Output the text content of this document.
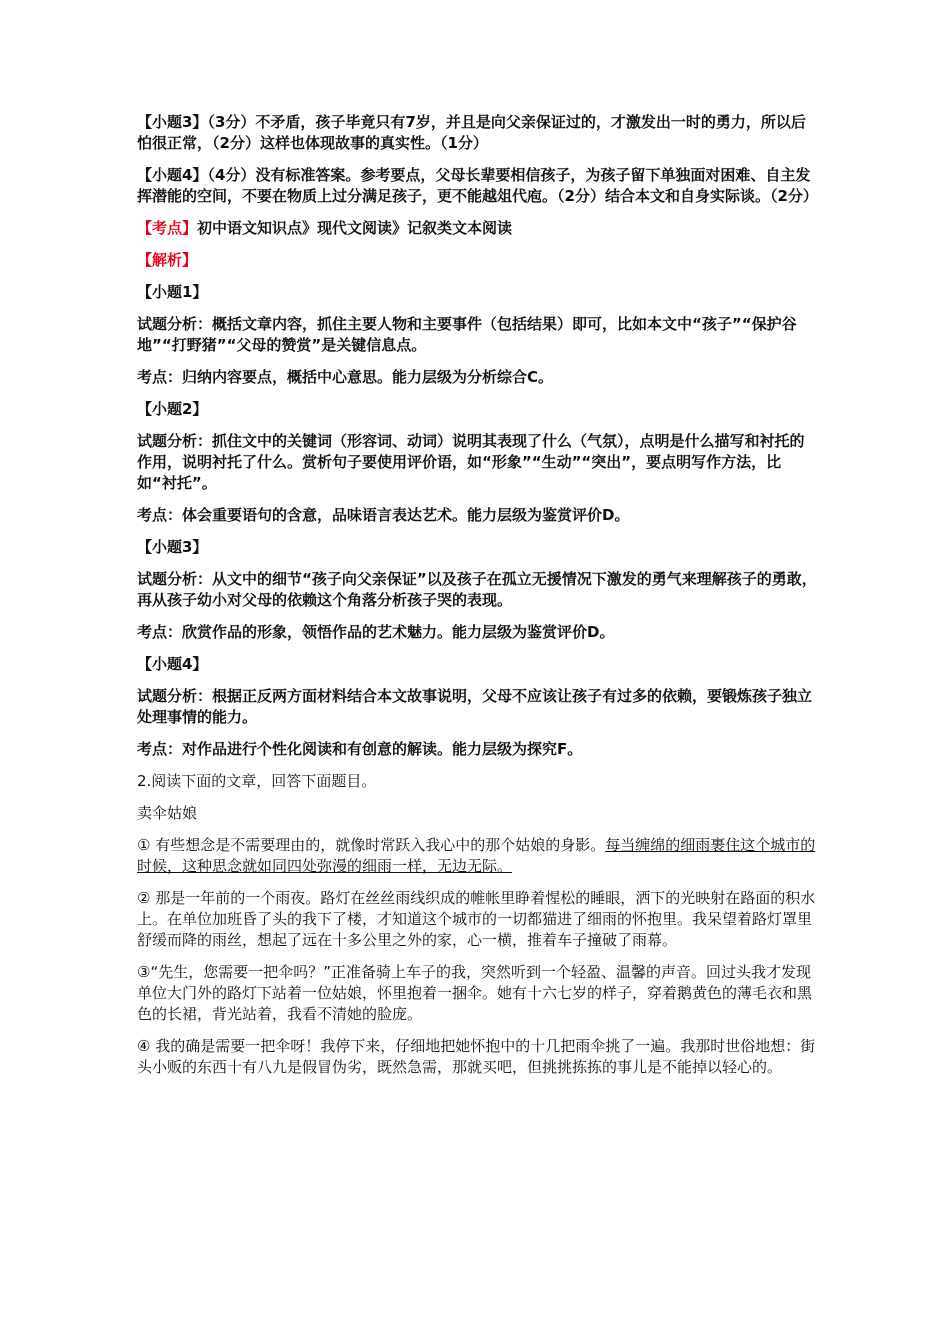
【小题3】（3分）不矛盾，孩子毕竟只有7岁，并且是向父亲保证过的，才激发出一时的勇力，所以后怕很正常，（2分）这样也体现故事的真实性。（1分）

【小题4】（4分）没有标准答案。参考要点，父母长辈要相信孩子，为孩子留下单独面对困难、自主发挥潜能的空间，不要在物质上过分满足孩子，更不能越俎代庖。（2分）结合本文和自身实际谈。（2分）

【考点】初中语文知识点》现代文阅读》记叙类文本阅读

【解析】

【小题1】

试题分析：概括文章内容，抓住主要人物和主要事件（包括结果）即可，比如本文中“孩子”“保护谷地”“打野猪”“父母的赞赏”是关键信息点。

考点：归纳内容要点，概括中心意思。能力层级为分析综合C。

【小题2】

试题分析：抓住文中的关键词（形容词、动词）说明其表现了什么（气氛），点明是什么描写和衬托的作用，说明衬托了什么。赏析句子要使用评价语，如“形象”“生动”“突出”，要点明写作方法，比如“衬托”。

考点：体会重要语句的含意，品味语言表达艺术。能力层级为鉴赏评价D。

【小题3】

试题分析：从文中的细节“孩子向父亲保证”以及孩子在孤立无援情况下激发的勇气来理解孩子的勇敢，再从孩子幼小对父母的依赖这个角落分析孩子哭的表现。

考点：欣赏作品的形象，领悟作品的艺术魅力。能力层级为鉴赏评价D。

【小题4】

试题分析：根据正反两方面材料结合本文故事说明，父母不应该让孩子有过多的依赖，要锻炼孩子独立处理事情的能力。

考点：对作品进行个性化阅读和有创意的解读。能力层级为探究F。

2.阅读下面的文章，回答下面题目。

卖伞姑娘

① 有些想念是不需要理由的，就像时常跃入我心中的那个姑娘的身影。每当缠绵的细雨裹住这个城市的时候，这种思念就如同四处弥漫的细雨一样，无边无际。

② 那是一年前的一个雨夜。路灯在丝丝雨线织成的帷帐里睁着惺松的睡眼，洒下的光映射在路面的积水上。在单位加班昏了头的我下了楼，才知道这个城市的一切都猫进了细雨的怀抱里。我呆望着路灯罩里舒缓而降的雨丝，想起了远在十多公里之外的家，心一横，推着车子撞破了雨幕。

③“先生，您需要一把伞吗？”正准备骑上车子的我，突然听到一个轻盈、温馨的声音。回过头我才发现单位大门外的路灯下站着一位姑娘，怀里抱着一捆伞。她有十六七岁的样子，穿着鹅黄色的薄毛衣和黑色的长裙，背光站着，我看不清她的脸庞。

④ 我的确是需要一把伞呀！我停下来，仔细地把她怀抱中的十几把雨伞挑了一遍。我那时世俗地想：街头小贩的东西十有八九是假冒伪劣，既然急需，那就买吧，但挑挑拣拣的事儿是不能掉以轻心的。
